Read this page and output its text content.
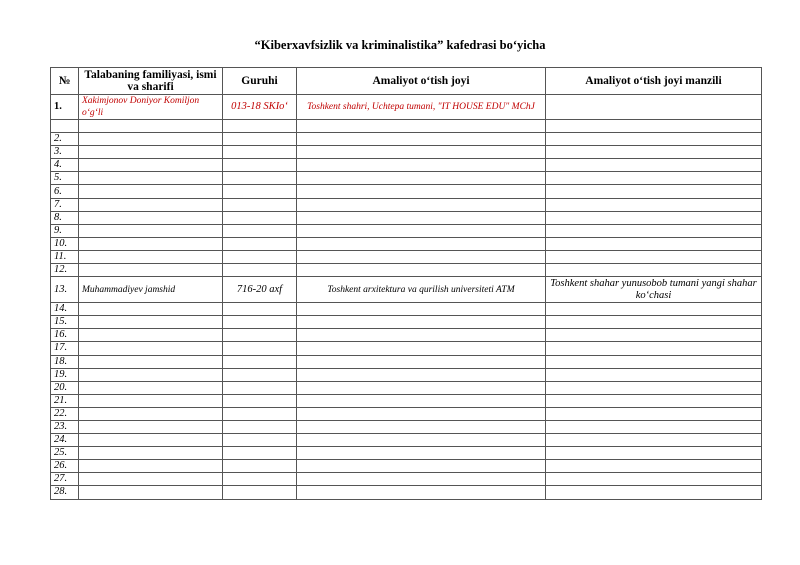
“Kiberxavfsizlik va kriminalistika” kafedrasi bo‘yicha
№	Talabaning familiyasi, ismi va sharifi	Guruhi	Amaliyot o‘tish joyi	Amaliyot o‘tish joyi manzili
1.	Xakimjonov Doniyor Komiljon o‘g‘li	013-18 SKIo‘	Toshkent shahri, Uchtepa tumani, "IT HOUSE EDU" MChJ	

2.				
3.				
4.				
5.				
6.				
7.				
8.				
9.				
10.				
11.				
12.				
13.	Muhammadiyev jamshid	716-20 axf	Toshkent arxitektura va qurilish universiteti ATM	Toshkent shahar yunusobob tumani yangi shahar ko‘chasi
14.				
15.				
16.				
17.				
18.				
19.				
20.				
21.				
22.				
23.				
24.				
25.				
26.				
27.				
28.				
